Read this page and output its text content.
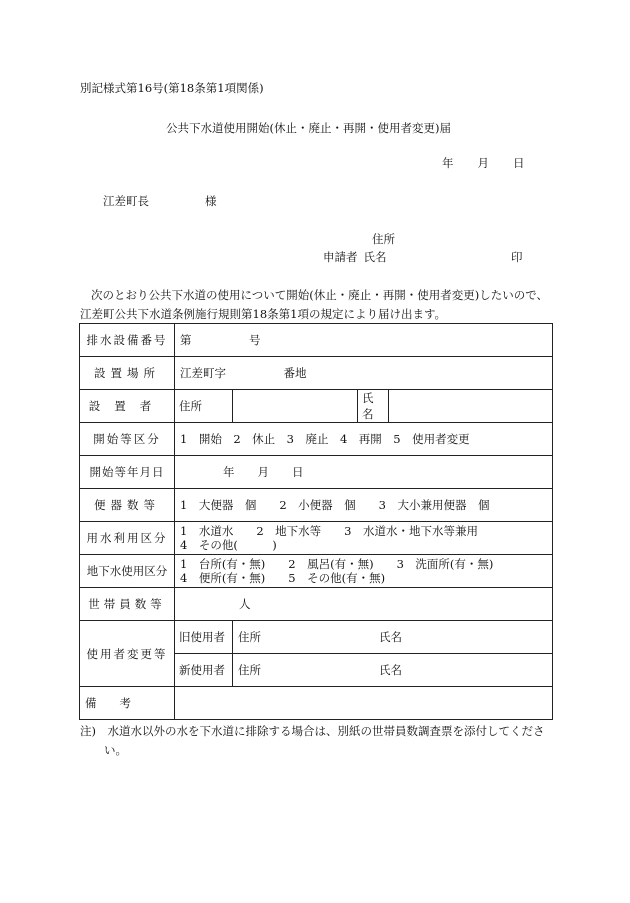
別記様式第16号(第18条第1項関係)
公共下水道使用開始(休止・廃止・再開・使用者変更)届
年 月 日
江差町長	様
住所
申請者 氏名	印
次のとおり公共下水道の使用について開始(休止・廃止・再開・使用者変更)したいので、
江差町公共下水道条例施行規則第18条第1項の規定により届け出ます。
排水設備番号	第　　　　　号			
設置場所	江差町字　　　　　番地			
設置者	住所		氏名	
開始等区分	1　開始　2　休止　3　廃止　4　再開　5　使用者変更			
開始等年月日	年　　月　　日			
便器数等	1　大便器　個　　2　小便器　個　　3　大小兼用便器　個			
用水利用区分	1　水道水　　2　地下水等　　3　水道水・地下水等兼用
4　その他(　　　)			

地下水使用区分	1　台所(有・無)　　2　風呂(有・無)　　3　洗面所(有・無)
4　便所(有・無)　　5　その他(有・無)			

世帯員数等	人			
使用者変更等	旧使用者	住所 氏名		
	新使用者	住所 氏名		
備　　考				
注)　水道水以外の水を下水道に排除する場合は、別紙の世帯員数調査票を添付してくださ
い。
